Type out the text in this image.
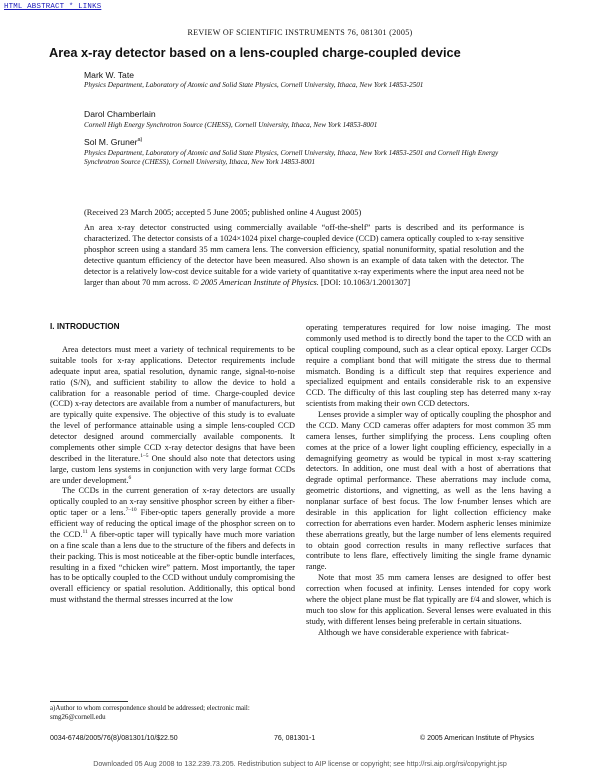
HTML ABSTRACT * LINKS
REVIEW OF SCIENTIFIC INSTRUMENTS 76, 081301 (2005)
Area x-ray detector based on a lens-coupled charge-coupled device
Mark W. Tate
Physics Department, Laboratory of Atomic and Solid State Physics, Cornell University, Ithaca, New York 14853-2501
Darol Chamberlain
Cornell High Energy Synchrotron Source (CHESS), Cornell University, Ithaca, New York 14853-8001
Sol M. Gruner$^{a)}$
Physics Department, Laboratory of Atomic and Solid State Physics, Cornell University, Ithaca, New York 14853-2501 and Cornell High Energy Synchrotron Source (CHESS), Cornell University, Ithaca, New York 14853-8001
(Received 23 March 2005; accepted 5 June 2005; published online 4 August 2005)
An area x-ray detector constructed using commercially available “off-the-shelf” parts is described and its performance is characterized. The detector consists of a 1024×1024 pixel charge-coupled device (CCD) camera optically coupled to x-ray sensitive phosphor screen using a standard 35 mm camera lens. The conversion efficiency, spatial nonuniformity, spatial resolution and the detective quantum efficiency of the detector have been measured. Also shown is an example of data taken with the detector. The detector is a relatively low-cost device suitable for a wide variety of quantitative x-ray experiments where the input area need not be larger than about 70 mm across. © 2005 American Institute of Physics. [DOI: 10.1063/1.2001307]
I. INTRODUCTION

Area detectors must meet a variety of technical requirements to be suitable tools for x-ray applications. Detector requirements include adequate input area, spatial resolution, dynamic range, signal-to-noise ratio (S/N), and sufficient stability to allow the device to hold a calibration for a reasonable period of time. Charge-coupled device (CCD) x-ray detectors are available from a number of manufacturers, but are typically quite expensive. The objective of this study is to evaluate the level of performance attainable using a simple lens-coupled CCD detector designed around commercially available components. It complements other simple CCD x-ray detector designs that have been described in the literature.$^{1-5}$ One should also note that detectors using large, custom lens systems in conjunction with very large format CCDs are under development.$^6$

The CCDs in the current generation of x-ray detectors are usually optically coupled to an x-ray sensitive phosphor screen by either a fiber-optic taper or a lens.$^{7-10}$ Fiber-optic tapers generally provide a more efficient way of reducing the optical image of the phosphor screen on to the CCD.$^{11}$ A fiber-optic taper will typically have much more variation on a fine scale than a lens due to the structure of the fibers and defects in their packing. This is most noticeable at the fiber-optic bundle interfaces, resulting in a fixed “chicken wire” pattern. Most importantly, the taper has to be optically coupled to the CCD without unduly compromising the overall efficiency or spatial resolution. Additionally, this optical bond must withstand the thermal stresses incurred at the low

operating temperatures required for low noise imaging. The most commonly used method is to directly bond the taper to the CCD with an optical coupling compound, such as a clear optical epoxy. Larger CCDs require a compliant bond that will mitigate the stress due to thermal mismatch. Bonding is a difficult step that requires experience and specialized equipment and entails considerable risk to an expensive CCD. The difficulty of this last coupling step has deterred many x-ray scientists from making their own CCD detectors.

Lenses provide a simpler way of optically coupling the phosphor and the CCD. Many CCD cameras offer adapters for most common 35 mm camera lenses, further simplifying the process. Lens coupling often comes at the price of a lower light coupling efficiency, especially in a demagnifying geometry as would be typical in most x-ray scattering detectors. In addition, one must deal with a host of aberrations that degrade optimal performance. These aberrations may include coma, geometric distortions, and vignetting, as well as the lens having a nonplanar surface of best focus. The low f-number lenses which are desirable in this application for light collection efficiency make correction for aberrations even harder. Modern aspheric lenses minimize these aberrations greatly, but the large number of lens elements required to obtain good correction results in many reflective surfaces that contribute to lens flare, effectively limiting the single frame dynamic range.

Note that most 35 mm camera lenses are designed to offer best correction when focused at infinity. Lenses intended for copy work where the object plane must be flat typically are f/4 and slower, which is much too slow for this application. Several lenses were evaluated in this study, with different lenses being preferable in certain situations.

Although we have considerable experience with fabricat-

a)Author to whom correspondence should be addressed; electronic mail: smg26@cornell.edu
0034-6748/2005/76(8)/081301/10/$22.50	76, 081301-1	© 2005 American Institute of Physics
Downloaded 05 Aug 2008 to 132.239.73.205. Redistribution subject to AIP license or copyright; see http://rsi.aip.org/rsi/copyright.jsp
